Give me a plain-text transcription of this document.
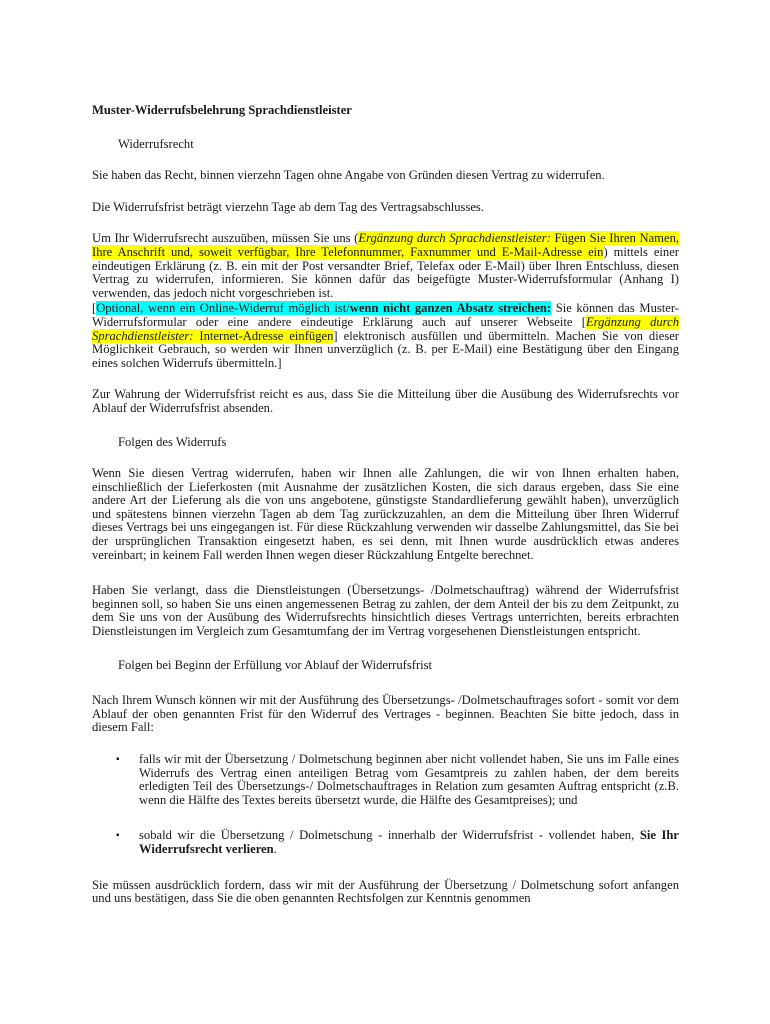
Muster-Widerrufsbelehrung Sprachdienstleister
Widerrufsrecht
Sie haben das Recht, binnen vierzehn Tagen ohne Angabe von Gründen diesen Vertrag zu widerrufen.
Die Widerrufsfrist beträgt vierzehn Tage ab dem Tag des Vertragsabschlusses.
Um Ihr Widerrufsrecht auszuüben, müssen Sie uns (Ergänzung durch Sprachdienstleister: Fügen Sie Ihren Namen, Ihre Anschrift und, soweit verfügbar, Ihre Telefonnummer, Faxnummer und E-Mail-Adresse ein) mittels einer eindeutigen Erklärung (z. B. ein mit der Post versandter Brief, Telefax oder E-Mail) über Ihren Entschluss, diesen Vertrag zu widerrufen, informieren. Sie können dafür das beigefügte Muster-Widerrufsformular (Anhang I) verwenden, das jedoch nicht vorgeschrieben ist.
[Optional, wenn ein Online-Widerruf möglich ist/wenn nicht ganzen Absatz streichen: Sie können das Muster-Widerrufsformular oder eine andere eindeutige Erklärung auch auf unserer Webseite [Ergänzung durch Sprachdienstleister: Internet-Adresse einfügen] elektronisch ausfüllen und übermitteln. Machen Sie von dieser Möglichkeit Gebrauch, so werden wir Ihnen unverzüglich (z. B. per E-Mail) eine Bestätigung über den Eingang eines solchen Widerrufs übermitteln.]
Zur Wahrung der Widerrufsfrist reicht es aus, dass Sie die Mitteilung über die Ausübung des Widerrufsrechts vor Ablauf der Widerrufsfrist absenden.
Folgen des Widerrufs
Wenn Sie diesen Vertrag widerrufen, haben wir Ihnen alle Zahlungen, die wir von Ihnen erhalten haben, einschließlich der Lieferkosten (mit Ausnahme der zusätzlichen Kosten, die sich daraus ergeben, dass Sie eine andere Art der Lieferung als die von uns angebotene, günstigste Standardlieferung gewählt haben), unverzüglich und spätestens binnen vierzehn Tagen ab dem Tag zurückzuzahlen, an dem die Mitteilung über Ihren Widerruf dieses Vertrags bei uns eingegangen ist. Für diese Rückzahlung verwenden wir dasselbe Zahlungsmittel, das Sie bei der ursprünglichen Transaktion eingesetzt haben, es sei denn, mit Ihnen wurde ausdrücklich etwas anderes vereinbart; in keinem Fall werden Ihnen wegen dieser Rückzahlung Entgelte berechnet.
Haben Sie verlangt, dass die Dienstleistungen (Übersetzungs- /Dolmetschauftrag) während der Widerrufsfrist beginnen soll, so haben Sie uns einen angemessenen Betrag zu zahlen, der dem Anteil der bis zu dem Zeitpunkt, zu dem Sie uns von der Ausübung des Widerrufsrechts hinsichtlich dieses Vertrags unterrichten, bereits erbrachten Dienstleistungen im Vergleich zum Gesamtumfang der im Vertrag vorgesehenen Dienstleistungen entspricht.
Folgen bei Beginn der Erfüllung vor Ablauf der Widerrufsfrist
Nach Ihrem Wunsch können wir mit der Ausführung des Übersetzungs- /Dolmetschauftrages sofort - somit vor dem Ablauf der oben genannten Frist für den Widerruf des Vertrages - beginnen. Beachten Sie bitte jedoch, dass in diesem Fall:
▪ falls wir mit der Übersetzung / Dolmetschung beginnen aber nicht vollendet haben, Sie uns im Falle eines Widerrufs des Vertrag einen anteiligen Betrag vom Gesamtpreis zu zahlen haben, der dem bereits erledigten Teil des Übersetzungs-/ Dolmetschauftrages in Relation zum gesamten Auftrag entspricht (z.B. wenn die Hälfte des Textes bereits übersetzt wurde, die Hälfte des Gesamtpreises); und
▪ sobald wir die Übersetzung / Dolmetschung - innerhalb der Widerrufsfrist - vollendet haben, Sie Ihr Widerrufsrecht verlieren.
Sie müssen ausdrücklich fordern, dass wir mit der Ausführung der Übersetzung / Dolmetschung sofort anfangen und uns bestätigen, dass Sie die oben genannten Rechtsfolgen zur Kenntnis genommen
